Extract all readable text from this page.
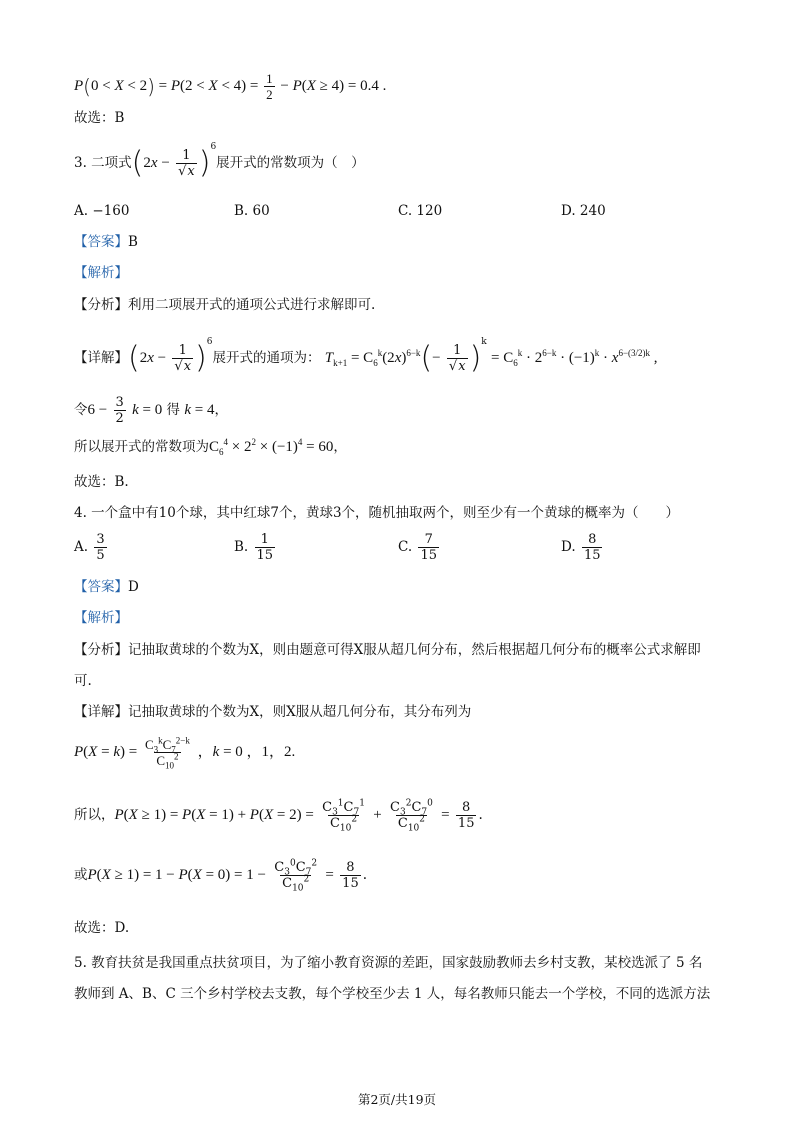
$P(0 < X < 2) = P(2 < X < 4) = \frac{1}{2} - P(X \ge 4) = 0.4$ .
故选：B
3. 二项式$(2x - \frac{1}{√x} )^6$展开式的常数项为（　）
A. −160	B. 60	C. 120	D. 240
【答案】B
【解析】
【分析】利用二项展开式的通项公式进行求解即可.
【详解】$(2x - \frac{1}{√x} )^6$展开式的通项为： $T_{k+1} = C_6^k(2x)^{6-k}(- \frac{1}{√x} )^k = C_6^k \cdot 2^{6-k} \cdot (-1)^k \cdot x^{6-(3/2)k}$ ,
令$6 - \frac{3}{2}$ k = 0 得 k = 4，
所以展开式的常数项为$C_6^4 \times 2^2 \times (-1)^4 = 60$，
故选：B.
4. 一个盒中有10个球，其中红球7个，黄球3个，随机抽取两个，则至少有一个黄球的概率为（　　）
A. $\frac{3}{5}$	B. $\frac{1}{15}$	C. $\frac{7}{15}$	D. $\frac{8}{15}$
【答案】D
【解析】
【分析】记抽取黄球的个数为X，则由题意可得X服从超几何分布，然后根据超几何分布的概率公式求解即
可.
【详解】记抽取黄球的个数为X，则X服从超几何分布，其分布列为
$P(X = k) = \frac{C_3^kC_7^{2-k}}{C_{10}^2}$ ，k = 0 ，1，2.
所以，$P(X \ge 1) = P(X = 1) + P(X = 2) = \frac{C_3^1C_7^1}{C_{10}^2} + \frac{C_3^2C_7^0}{C_{10}^2} = \frac{8}{15}$ .
或$P(X \ge 1) = 1 - P(X = 0) = 1 - \frac{C_3^0C_7^2}{C_{10}^2} = \frac{8}{15}$ .
故选：D.
5. 教育扶贫是我国重点扶贫项目，为了缩小教育资源的差距，国家鼓励教师去乡村支教，某校选派了 5 名
教师到 A、B、C 三个乡村学校去支教，每个学校至少去 1 人，每名教师只能去一个学校，不同的选派方法
第2页/共19页
